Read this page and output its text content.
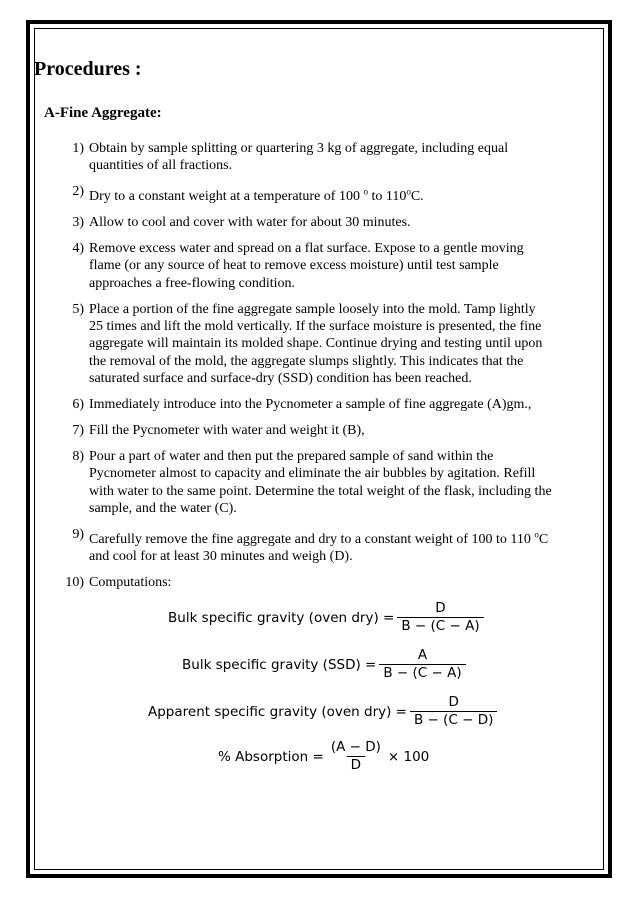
Procedures :
A-Fine Aggregate:
1) Obtain by sample splitting or quartering 3 kg of aggregate, including equal quantities of all fractions.
2) Dry to a constant weight at a temperature of 100 $^o$ to 110$^o$C.
3) Allow to cool and cover with water for about 30 minutes.
4) Remove excess water and spread on a flat surface. Expose to a gentle moving flame (or any source of heat to remove excess moisture) until test sample approaches a free-flowing condition.
5) Place a portion of the fine aggregate sample loosely into the mold. Tamp lightly 25 times and lift the mold vertically. If the surface moisture is presented, the fine aggregate will maintain its molded shape. Continue drying and testing until upon the removal of the mold, the aggregate slumps slightly. This indicates that the saturated surface and surface-dry (SSD) condition has been reached.
6) Immediately introduce into the Pycnometer a sample of fine aggregate (A)gm.,
7) Fill the Pycnometer with water and weight it (B),
8) Pour a part of water and then put the prepared sample of sand within the Pycnometer almost to capacity and eliminate the air bubbles by agitation. Refill with water to the same point. Determine the total weight of the flask, including the sample, and the water (C).
9) Carefully remove the fine aggregate and dry to a constant weight of 100 to 110 $^o$C and cool for at least 30 minutes and weigh (D).
10) Computations:
Bulk specific gravity (oven $dry) = \frac{D}{B - (C - A)}$
Bulk specific gravity $(SSD) = \frac{A}{B - (C - A)}$
Apparent specific gravity (oven $dry) = \frac{D}{B - (C - D)}$
% Absorption = $\frac{(A - D)}{D} \times 100$
